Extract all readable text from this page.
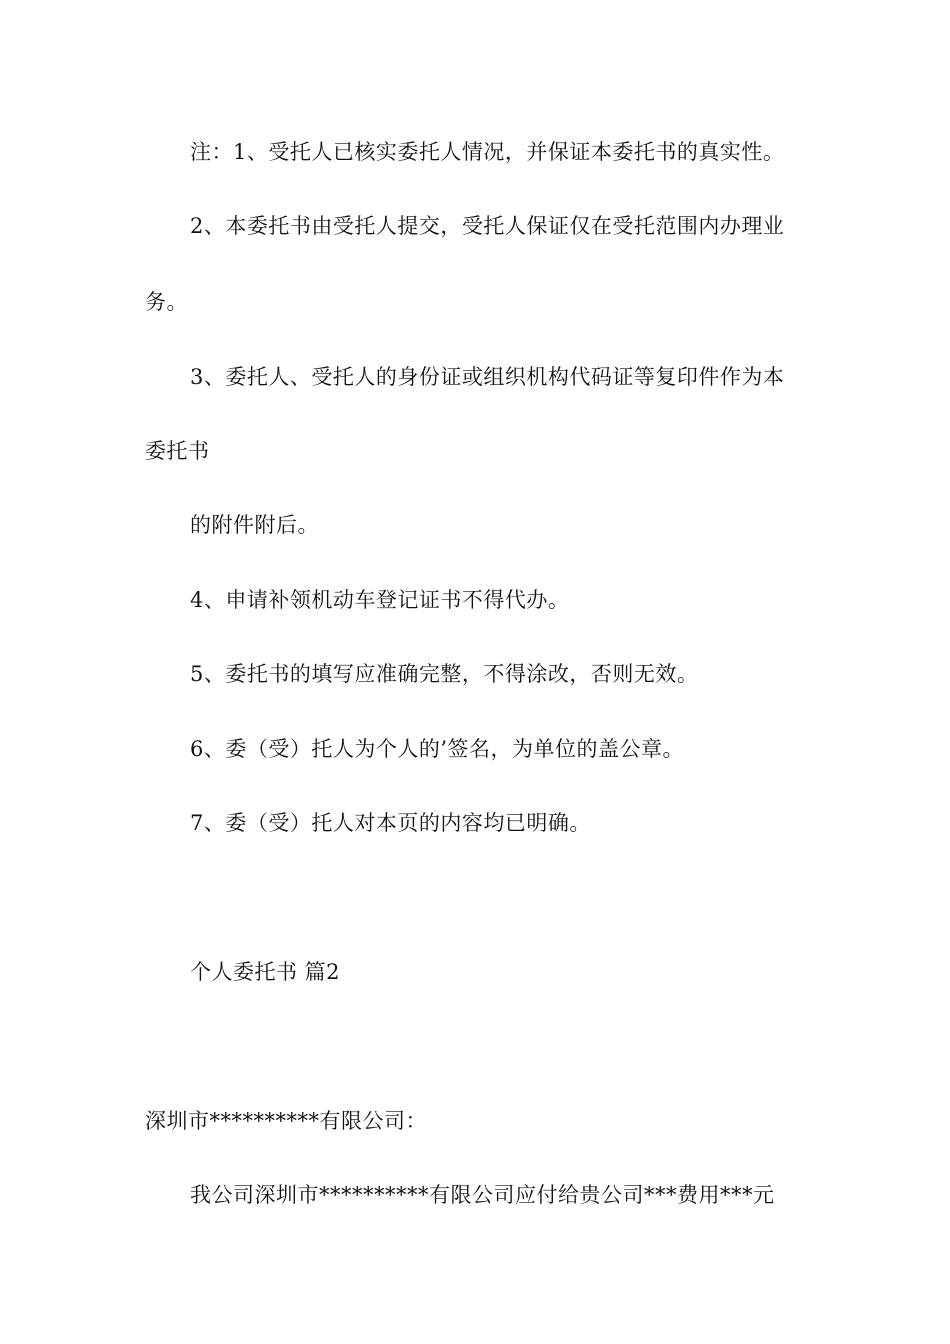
注：1、受托人已核实委托人情况，并保证本委托书的真实性。
2、本委托书由受托人提交，受托人保证仅在受托范围内办理业
务。
3、委托人、受托人的身份证或组织机构代码证等复印件作为本
委托书
的附件附后。
4、申请补领机动车登记证书不得代办。
5、委托书的填写应准确完整，不得涂改，否则无效。
6、委（受）托人为个人的’签名，为单位的盖公章。
7、委（受）托人对本页的内容均已明确。
个人委托书 篇2
深圳市**********有限公司：
我公司深圳市**********有限公司应付给贵公司***费用***元
